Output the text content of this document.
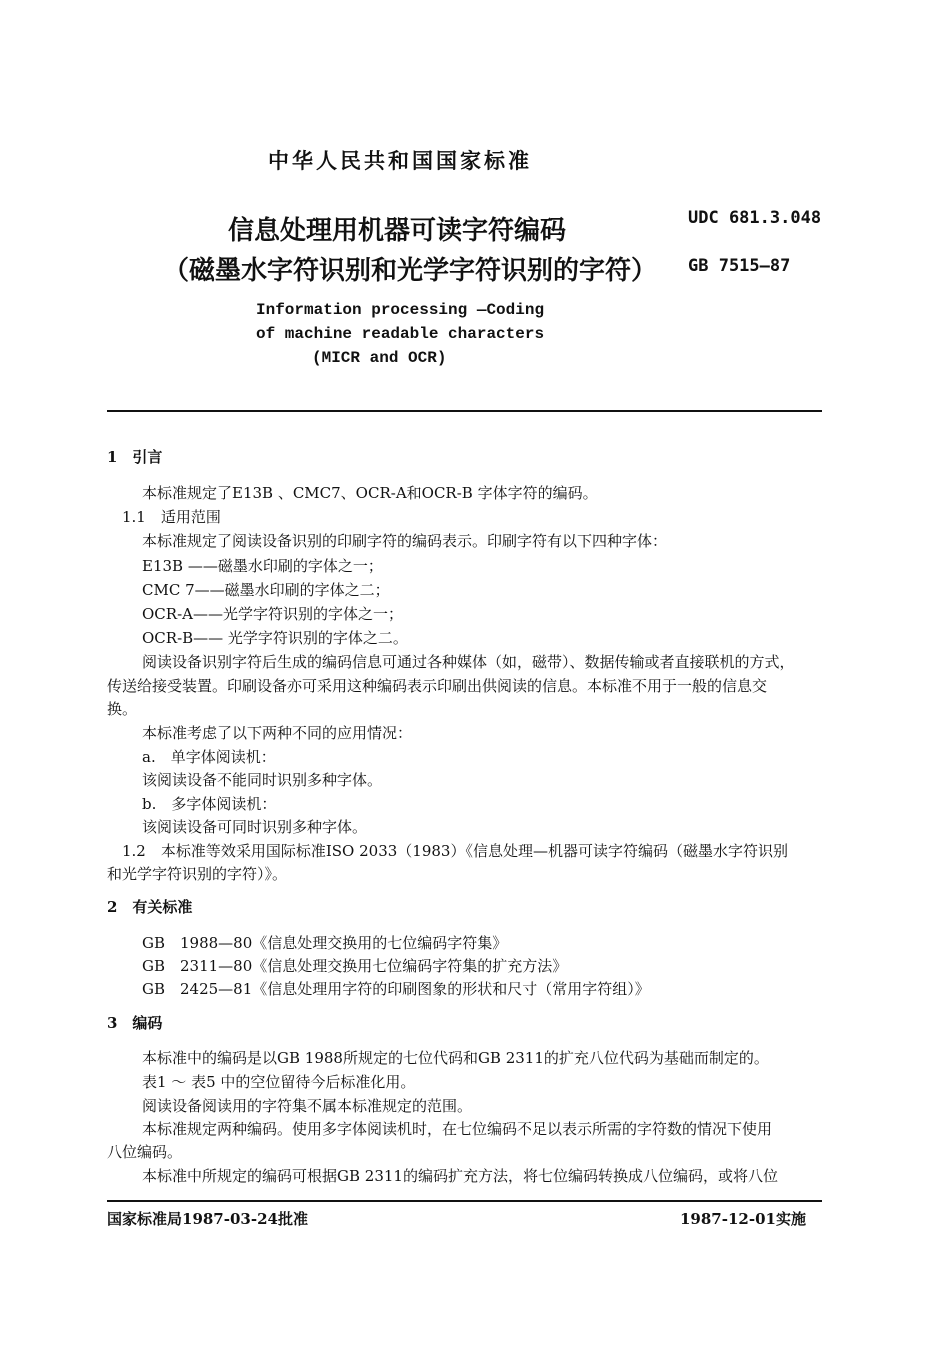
中华人民共和国国家标准
信息处理用机器可读字符编码
（磁墨水字符识别和光学字符识别的字符）
UDC 681.3.048
GB 7515—87
Information processing —Coding
of machine readable characters
(MICR and OCR)
1　引言
本标准规定了E13B 、CMC7、OCR-A和OCR-B 字体字符的编码。
1.1　适用范围
本标准规定了阅读设备识别的印刷字符的编码表示。印刷字符有以下四种字体：
E13B ——磁墨水印刷的字体之一；
CMC 7——磁墨水印刷的字体之二；
OCR-A——光学字符识别的字体之一；
OCR-B—— 光学字符识别的字体之二。
阅读设备识别字符后生成的编码信息可通过各种媒体（如，磁带）、数据传输或者直接联机的方式，
传送给接受装置。印刷设备亦可采用这种编码表示印刷出供阅读的信息。本标准不用于一般的信息交
换。
本标准考虑了以下两种不同的应用情况：
a.　单字体阅读机：
该阅读设备不能同时识别多种字体。
b.　多字体阅读机：
该阅读设备可同时识别多种字体。
1.2　本标准等效采用国际标准ISO 2033（1983）《信息处理—机器可读字符编码（磁墨水字符识别
和光学字符识别的字符）》。
2　有关标准
GB　1988—80《信息处理交换用的七位编码字符集》
GB　2311—80《信息处理交换用七位编码字符集的扩充方法》
GB　2425—81《信息处理用字符的印刷图象的形状和尺寸（常用字符组）》
3　编码
本标准中的编码是以GB 1988所规定的七位代码和GB 2311的扩充八位代码为基础而制定的。
表1 ～ 表5 中的空位留待今后标准化用。
阅读设备阅读用的字符集不属本标准规定的范围。
本标准规定两种编码。使用多字体阅读机时，在七位编码不足以表示所需的字符数的情况下使用
八位编码。
本标准中所规定的编码可根据GB 2311的编码扩充方法，将七位编码转换成八位编码，或将八位
国家标准局1987-03-24批准	1987-12-01实施
